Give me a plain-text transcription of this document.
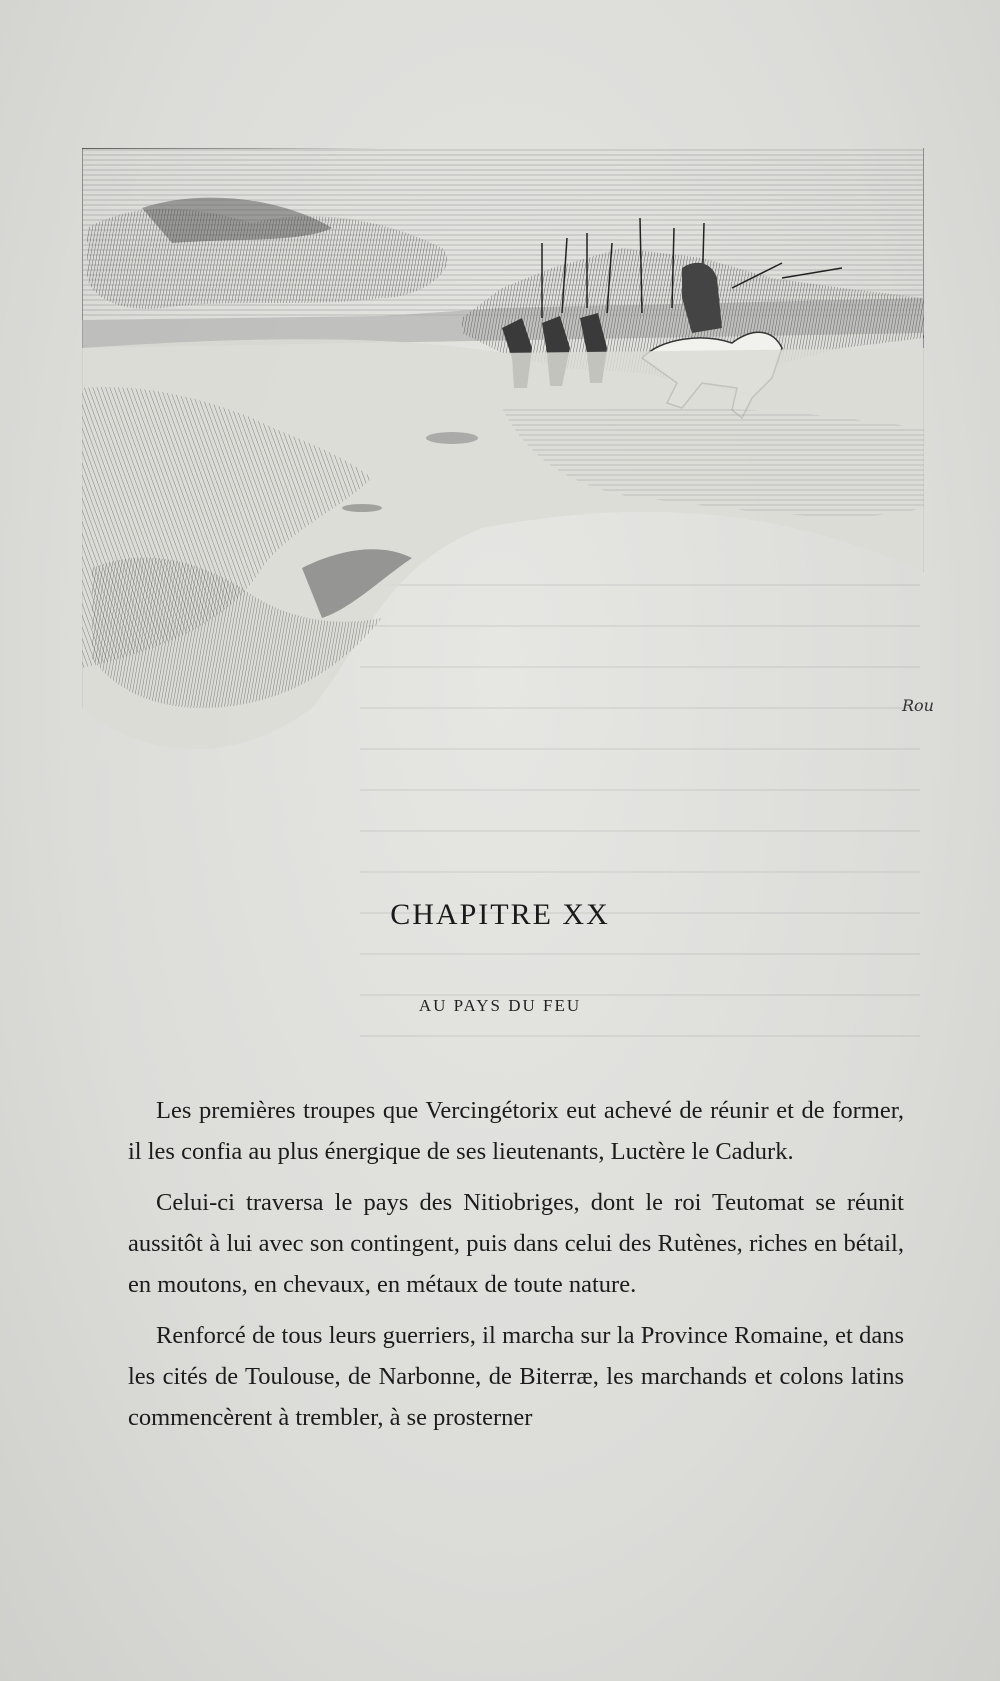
Rou
CHAPITRE XX
AU PAYS DU FEU

Les premières troupes que Vercingétorix eut achevé de réunir et de former, il les confia au plus énergique de ses lieutenants, Luctère le Cadurk.

Celui-ci traversa le pays des Nitiobriges, dont le roi Teutomat se réunit aussitôt à lui avec son contingent, puis dans celui des Rutènes, riches en bétail, en moutons, en chevaux, en métaux de toute nature.

Renforcé de tous leurs guerriers, il marcha sur la Province Romaine, et dans les cités de Toulouse, de Narbonne, de Biterræ, les marchands et colons latins commencèrent à trembler, à se prosterner
